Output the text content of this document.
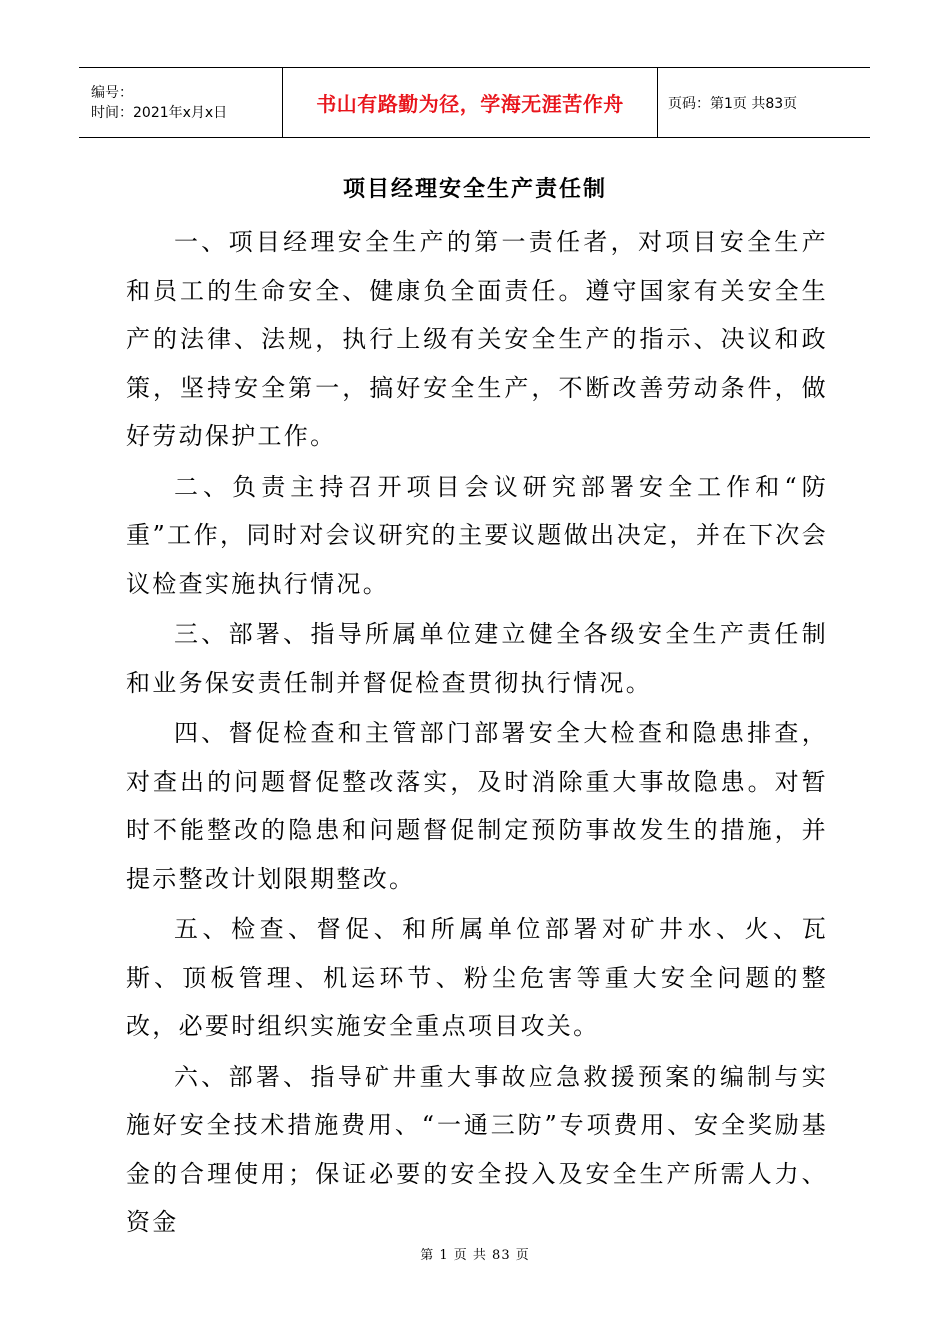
编号：
时间：2021年x月x日	书山有路勤为径，学海无涯苦作舟	页码：第1页 共83页
项目经理安全生产责任制

一、项目经理安全生产的第一责任者，对项目安全生产和员工的生命安全、健康负全面责任。遵守国家有关安全生产的法律、法规，执行上级有关安全生产的指示、决议和政策，坚持安全第一，搞好安全生产，不断改善劳动条件，做好劳动保护工作。

二、负责主持召开项目会议研究部署安全工作和“防重”工作，同时对会议研究的主要议题做出决定，并在下次会议检查实施执行情况。

三、部署、指导所属单位建立健全各级安全生产责任制和业务保安责任制并督促检查贯彻执行情况。

四、督促检查和主管部门部署安全大检查和隐患排查，对查出的问题督促整改落实，及时消除重大事故隐患。对暂时不能整改的隐患和问题督促制定预防事故发生的措施，并提示整改计划限期整改。

五、检查、督促、和所属单位部署对矿井水、火、瓦斯、顶板管理、机运环节、粉尘危害等重大安全问题的整改，必要时组织实施安全重点项目攻关。

六、部署、指导矿井重大事故应急救援预案的编制与实施好安全技术措施费用、“一通三防”专项费用、安全奖励基金的合理使用；保证必要的安全投入及安全生产所需人力、资金

第 1 页 共 83 页
